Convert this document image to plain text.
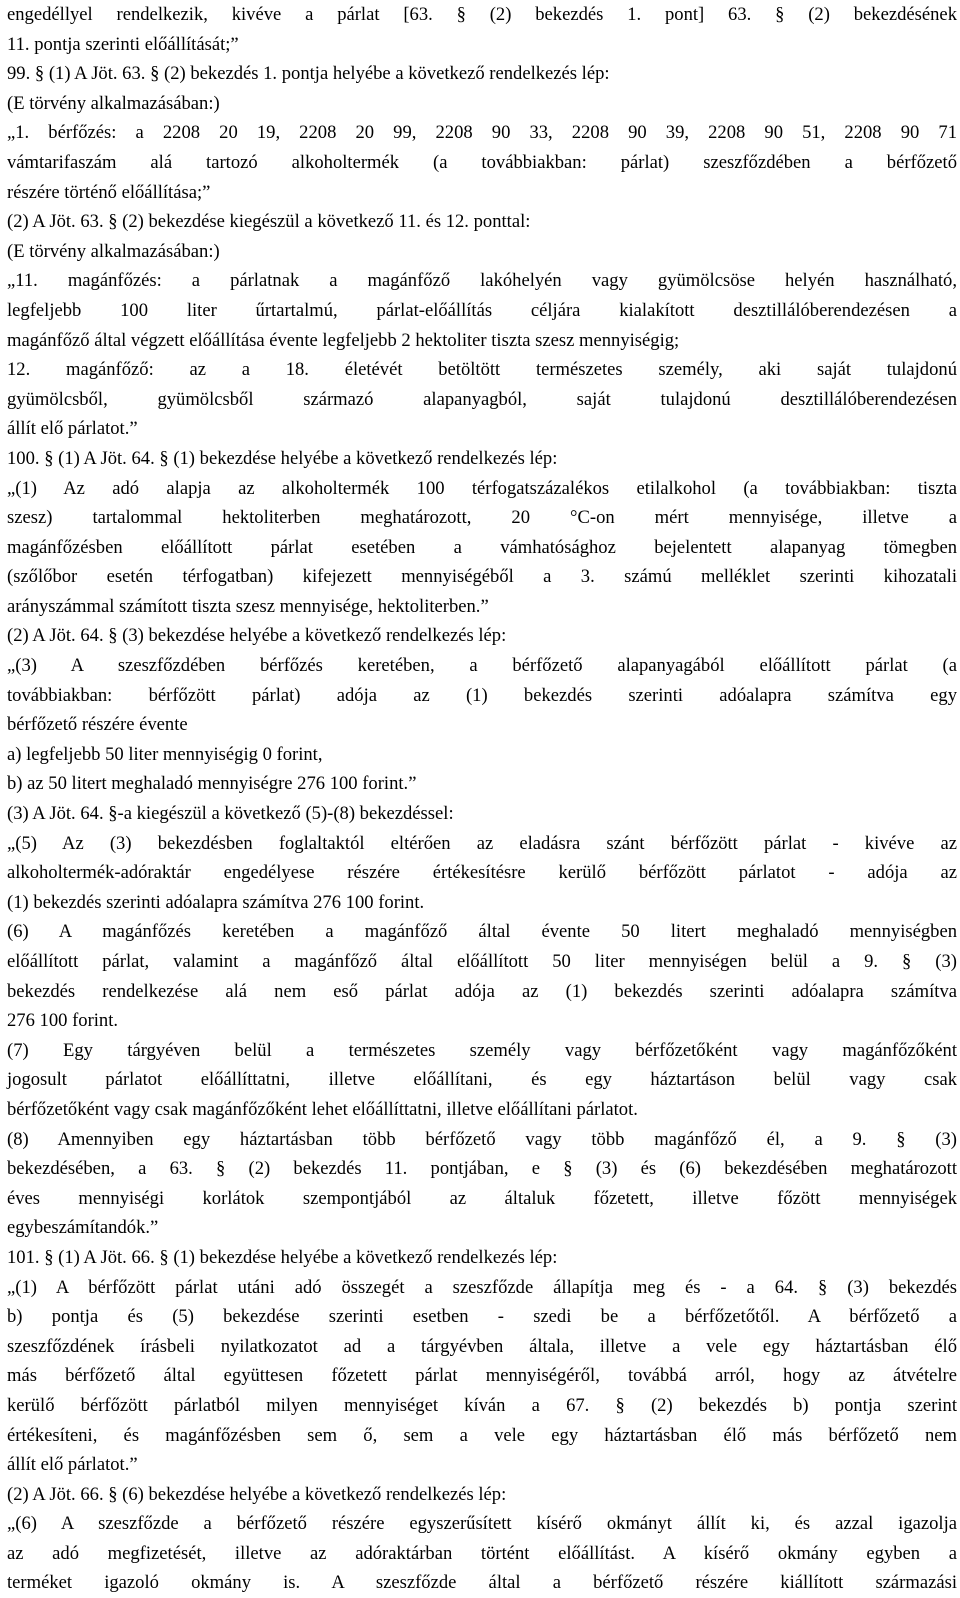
engedéllyel rendelkezik, kivéve a párlat [63. § (2) bekezdés 1. pont] 63. § (2) bekezdésének
11. pontja szerinti előállítását;”
99. § (1) A Jöt. 63. § (2) bekezdés 1. pontja helyébe a következő rendelkezés lép:
(E törvény alkalmazásában:)
„1. bérfőzés: a 2208 20 19, 2208 20 99, 2208 90 33, 2208 90 39, 2208 90 51, 2208 90 71
vámtarifaszám alá tartozó alkoholtermék (a továbbiakban: párlat) szeszfőzdében a bérfőzető
részére történő előállítása;”
(2) A Jöt. 63. § (2) bekezdése kiegészül a következő 11. és 12. ponttal:
(E törvény alkalmazásában:)
„11. magánfőzés: a párlatnak a magánfőző lakóhelyén vagy gyümölcsöse helyén használható,
legfeljebb 100 liter űrtartalmú, párlat-előállítás céljára kialakított desztillálóberendezésen a
magánfőző által végzett előállítása évente legfeljebb 2 hektoliter tiszta szesz mennyiségig;
12. magánfőző: az a 18. életévét betöltött természetes személy, aki saját tulajdonú
gyümölcsből, gyümölcsből származó alapanyagból, saját tulajdonú desztillálóberendezésen
állít elő párlatot.”
100. § (1) A Jöt. 64. § (1) bekezdése helyébe a következő rendelkezés lép:
„(1) Az adó alapja az alkoholtermék 100 térfogatszázalékos etilalkohol (a továbbiakban: tiszta
szesz) tartalommal hektoliterben meghatározott, 20 °C-on mért mennyisége, illetve a
magánfőzésben előállított párlat esetében a vámhatósághoz bejelentett alapanyag tömegben
(szőlőbor esetén térfogatban) kifejezett mennyiségéből a 3. számú melléklet szerinti kihozatali
arányszámmal számított tiszta szesz mennyisége, hektoliterben.”
(2) A Jöt. 64. § (3) bekezdése helyébe a következő rendelkezés lép:
„(3) A szeszfőzdében bérfőzés keretében, a bérfőzető alapanyagából előállított párlat (a
továbbiakban: bérfőzött párlat) adója az (1) bekezdés szerinti adóalapra számítva egy
bérfőzető részére évente
a) legfeljebb 50 liter mennyiségig 0 forint,
b) az 50 litert meghaladó mennyiségre 276 100 forint.”
(3) A Jöt. 64. §-a kiegészül a következő (5)-(8) bekezdéssel:
„(5) Az (3) bekezdésben foglaltaktól eltérően az eladásra szánt bérfőzött párlat - kivéve az
alkoholtermék-adóraktár engedélyese részére értékesítésre kerülő bérfőzött párlatot - adója az
(1) bekezdés szerinti adóalapra számítva 276 100 forint.
(6) A magánfőzés keretében a magánfőző által évente 50 litert meghaladó mennyiségben
előállított párlat, valamint a magánfőző által előállított 50 liter mennyiségen belül a 9. § (3)
bekezdés rendelkezése alá nem eső párlat adója az (1) bekezdés szerinti adóalapra számítva
276 100 forint.
(7) Egy tárgyéven belül a természetes személy vagy bérfőzetőként vagy magánfőzőként
jogosult párlatot előállíttatni, illetve előállítani, és egy háztartáson belül vagy csak
bérfőzetőként vagy csak magánfőzőként lehet előállíttatni, illetve előállítani párlatot.
(8) Amennyiben egy háztartásban több bérfőzető vagy több magánfőző él, a 9. § (3)
bekezdésében, a 63. § (2) bekezdés 11. pontjában, e § (3) és (6) bekezdésében meghatározott
éves mennyiségi korlátok szempontjából az általuk főzetett, illetve főzött mennyiségek
egybeszámítandók.”
101. § (1) A Jöt. 66. § (1) bekezdése helyébe a következő rendelkezés lép:
„(1) A bérfőzött párlat utáni adó összegét a szeszfőzde állapítja meg és - a 64. § (3) bekezdés
b) pontja és (5) bekezdése szerinti esetben - szedi be a bérfőzetőtől. A bérfőzető a
szeszfőzdének írásbeli nyilatkozatot ad a tárgyévben általa, illetve a vele egy háztartásban élő
más bérfőzető által együttesen főzetett párlat mennyiségéről, továbbá arról, hogy az átvételre
kerülő bérfőzött párlatból milyen mennyiséget kíván a 67. § (2) bekezdés b) pontja szerint
értékesíteni, és magánfőzésben sem ő, sem a vele egy háztartásban élő más bérfőzető nem
állít elő párlatot.”
(2) A Jöt. 66. § (6) bekezdése helyébe a következő rendelkezés lép:
„(6) A szeszfőzde a bérfőzető részére egyszerűsített kísérő okmányt állít ki, és azzal igazolja
az adó megfizetését, illetve az adóraktárban történt előállítást. A kísérő okmány egyben a
terméket igazoló okmány is. A szeszfőzde által a bérfőzető részére kiállított származási
